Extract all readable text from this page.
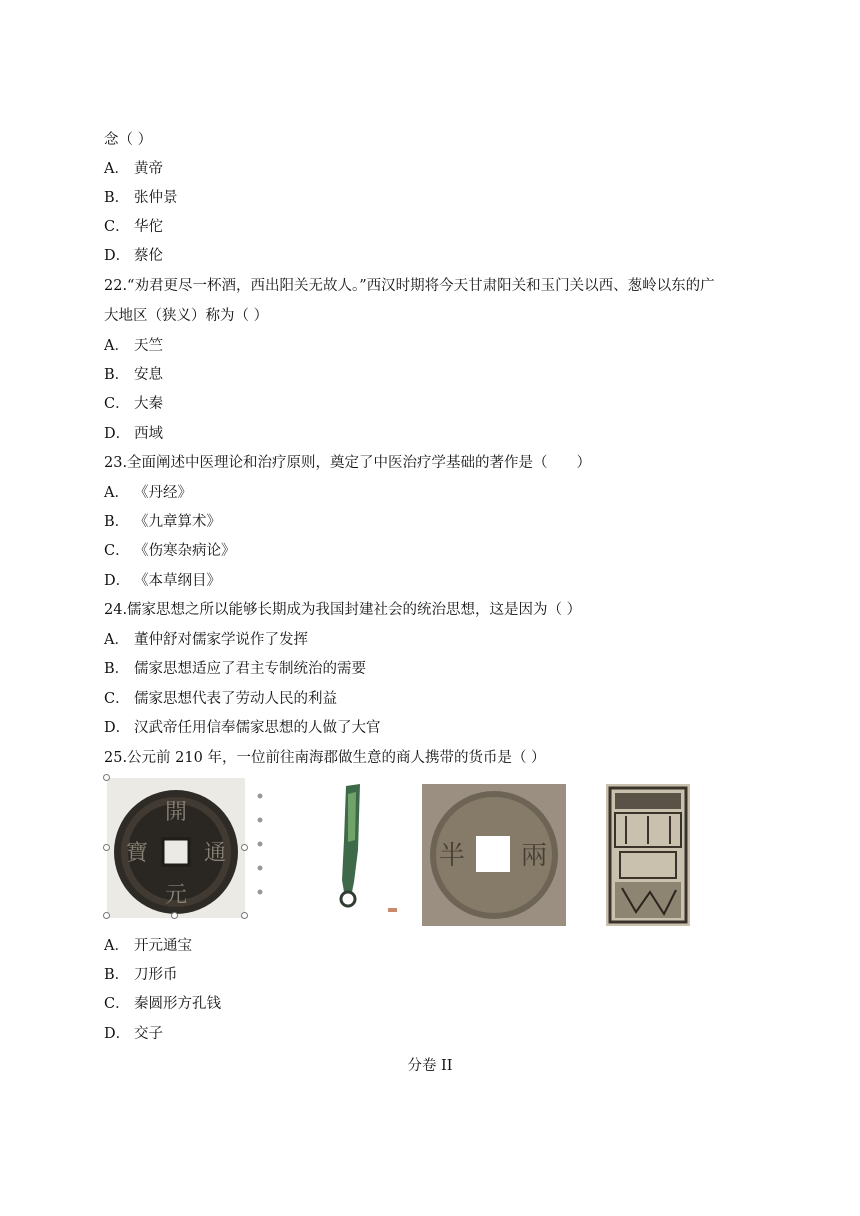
念（ ）
A． 黄帝
B． 张仲景
C． 华佗
D． 蔡伦
22.“劝君更尽一杯酒，西出阳关无故人。”西汉时期将今天甘肃阳关和玉门关以西、葱岭以东的广
大地区（狭义）称为（ ）
A． 天竺
B． 安息
C． 大秦
D． 西域
23.全面阐述中医理论和治疗原则，奠定了中医治疗学基础的著作是（　　）
A． 《丹经》
B． 《九章算术》
C． 《伤寒杂病论》
D． 《本草纲目》
24.儒家思想之所以能够长期成为我国封建社会的统治思想，这是因为（ ）
A． 董仲舒对儒家学说作了发挥
B． 儒家思想适应了君主专制统治的需要
C． 儒家思想代表了劳动人民的利益
D． 汉武帝任用信奉儒家思想的人做了大官
25.公元前 210 年，一位前往南海郡做生意的商人携带的货币是（ ）
開
元
通
寶	半 兩
A． 开元通宝
B． 刀形币
C． 秦圆形方孔钱
D． 交子
分卷 II
